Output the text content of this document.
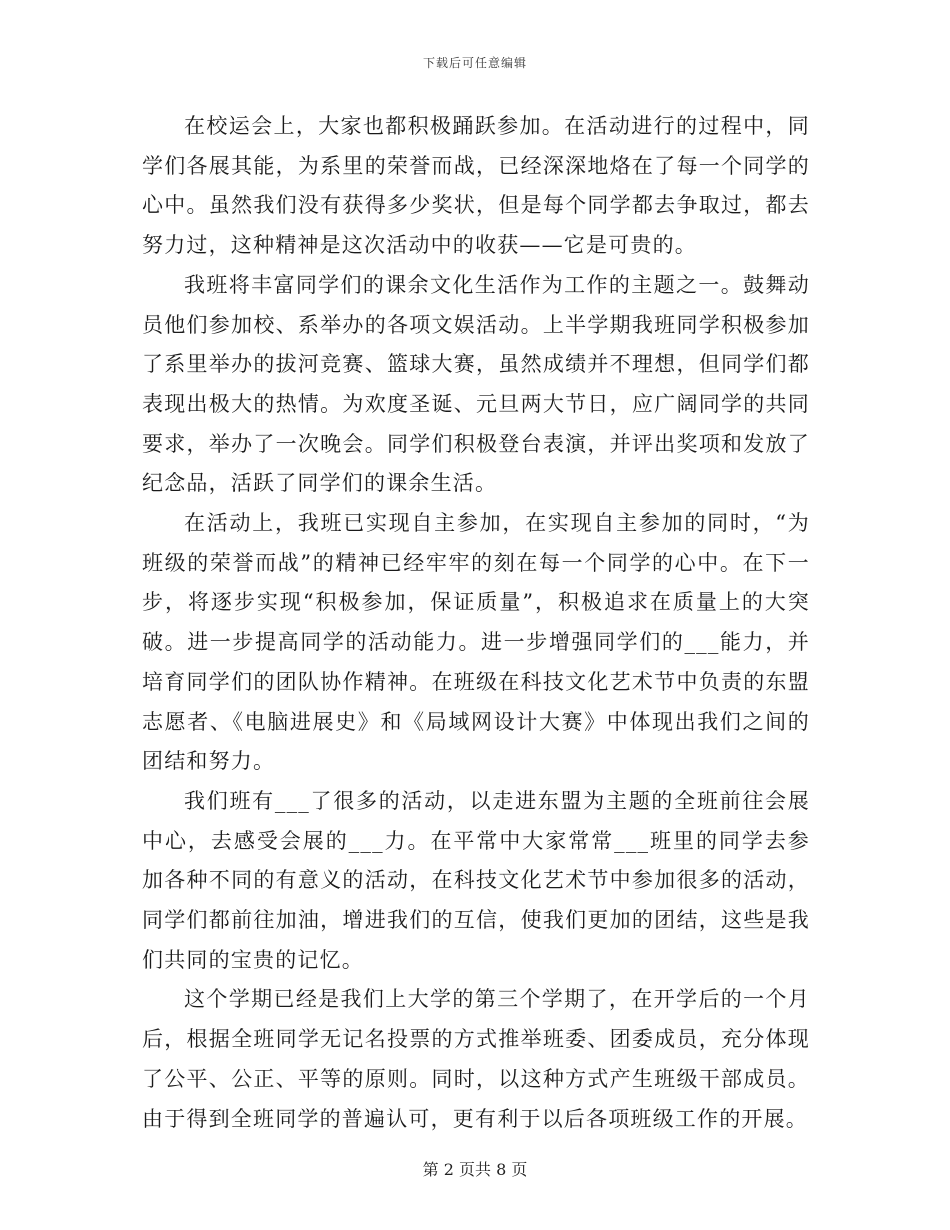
下载后可任意编辑

在校运会上，大家也都积极踊跃参加。在活动进行的过程中，同学们各展其能，为系里的荣誉而战，已经深深地烙在了每一个同学的心中。虽然我们没有获得多少奖状，但是每个同学都去争取过，都去努力过，这种精神是这次活动中的收获——它是可贵的。

我班将丰富同学们的课余文化生活作为工作的主题之一。鼓舞动员他们参加校、系举办的各项文娱活动。上半学期我班同学积极参加了系里举办的拔河竞赛、篮球大赛，虽然成绩并不理想，但同学们都表现出极大的热情。为欢度圣诞、元旦两大节日，应广阔同学的共同要求，举办了一次晚会。同学们积极登台表演，并评出奖项和发放了纪念品，活跃了同学们的课余生活。

在活动上，我班已实现自主参加，在实现自主参加的同时，“为班级的荣誉而战”的精神已经牢牢的刻在每一个同学的心中。在下一步，将逐步实现“积极参加，保证质量”，积极追求在质量上的大突破。进一步提高同学的活动能力。进一步增强同学们的___能力，并培育同学们的团队协作精神。在班级在科技文化艺术节中负责的东盟志愿者、《电脑进展史》和《局域网设计大赛》中体现出我们之间的团结和努力。

我们班有___了很多的活动，以走进东盟为主题的全班前往会展中心，去感受会展的___力。在平常中大家常常___班里的同学去参加各种不同的有意义的活动，在科技文化艺术节中参加很多的活动，同学们都前往加油，增进我们的互信，使我们更加的团结，这些是我们共同的宝贵的记忆。

这个学期已经是我们上大学的第三个学期了，在开学后的一个月后，根据全班同学无记名投票的方式推举班委、团委成员，充分体现了公平、公正、平等的原则。同时，以这种方式产生班级干部成员。由于得到全班同学的普遍认可，更有利于以后各项班级工作的开展。

第 2 页共 8 页
